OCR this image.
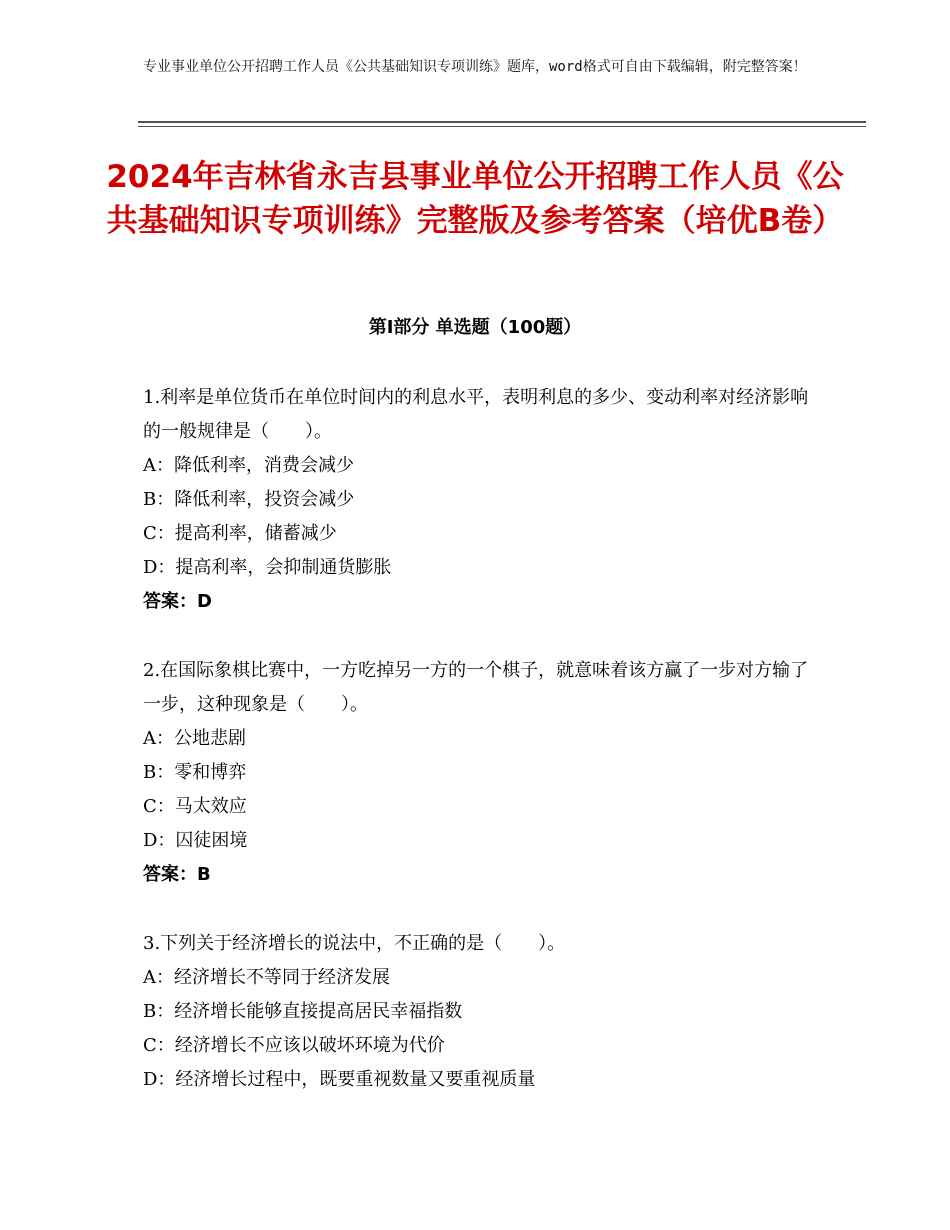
专业事业单位公开招聘工作人员《公共基础知识专项训练》题库，word格式可自由下载编辑，附完整答案！
2024年吉林省永吉县事业单位公开招聘工作人员《公共基础知识专项训练》完整版及参考答案（培优B卷）
第Ⅰ部分 单选题（100题）

1.利率是单位货币在单位时间内的利息水平，表明利息的多少、变动利率对经济影响的一般规律是（　　）。

A：降低利率，消费会减少

B：降低利率，投资会减少

C：提高利率，储蓄减少

D：提高利率，会抑制通货膨胀

答案：D

2.在国际象棋比赛中，一方吃掉另一方的一个棋子，就意味着该方赢了一步对方输了一步，这种现象是（　　）。

A：公地悲剧

B：零和博弈

C：马太效应

D：囚徒困境

答案：B

3.下列关于经济增长的说法中，不正确的是（　　）。

A：经济增长不等同于经济发展

B：经济增长能够直接提高居民幸福指数

C：经济增长不应该以破坏环境为代价

D：经济增长过程中，既要重视数量又要重视质量
